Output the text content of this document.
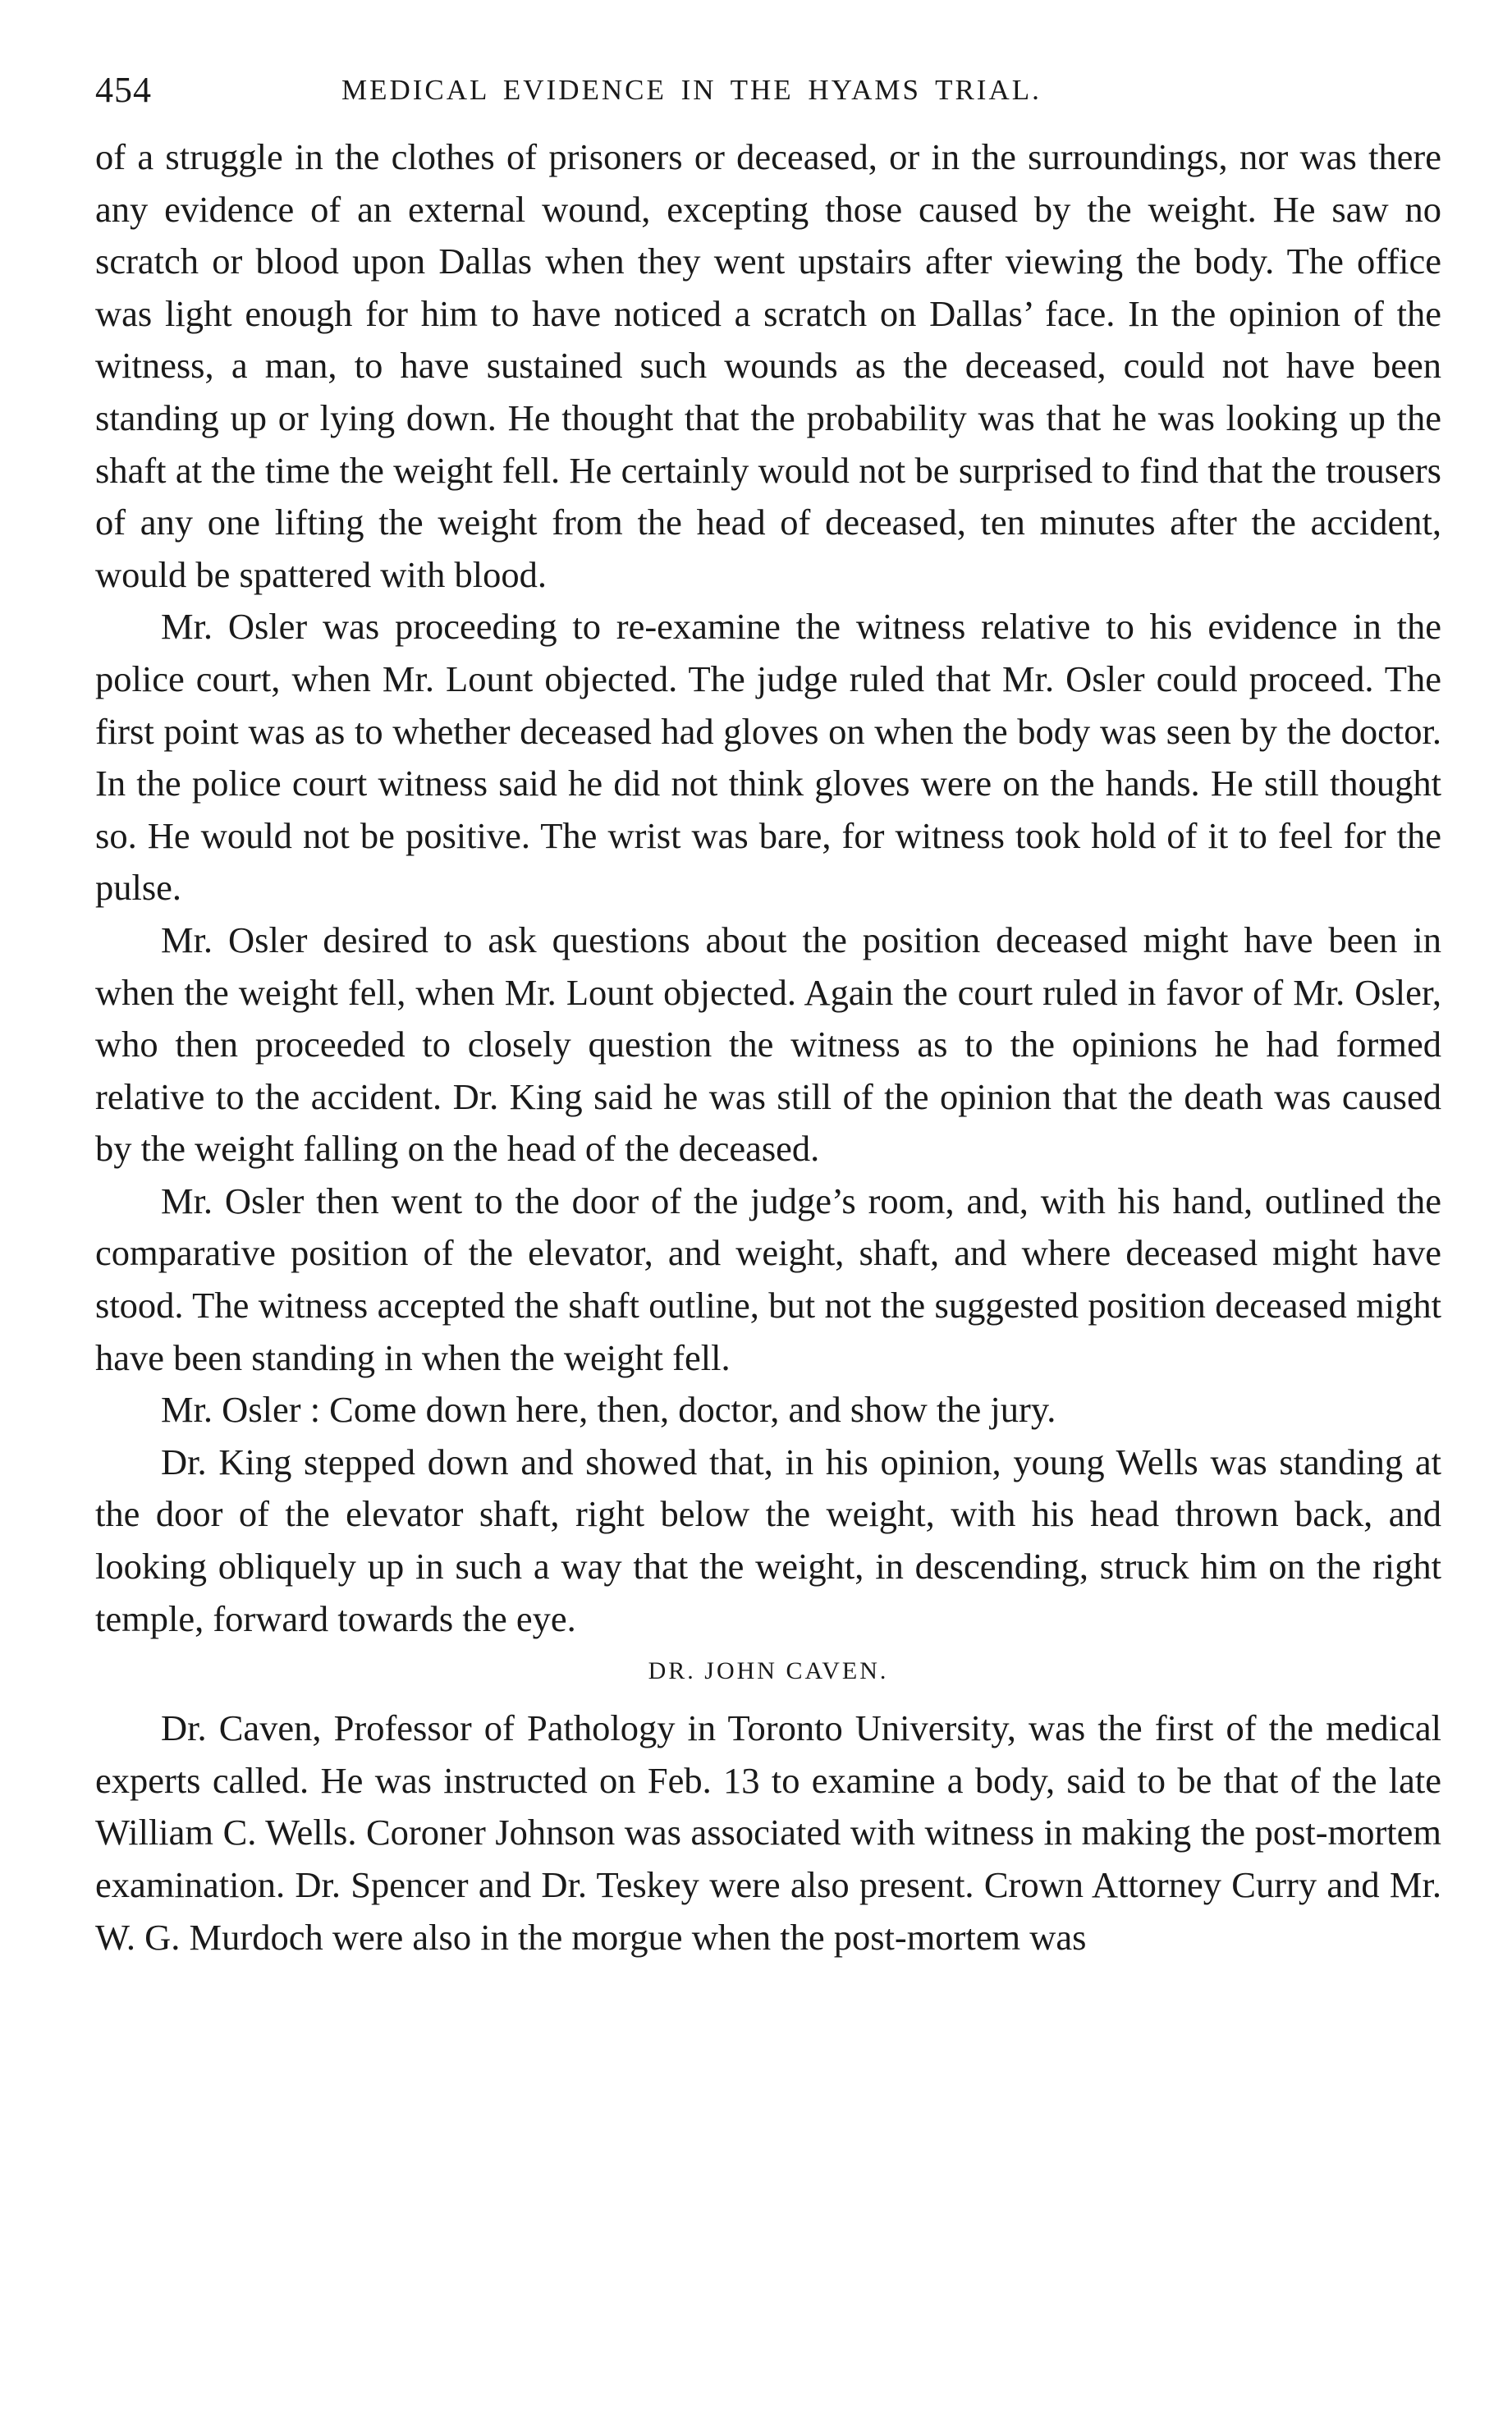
454	MEDICAL EVIDENCE IN THE HYAMS TRIAL.

of a struggle in the clothes of prisoners or deceased, or in the surroundings, nor was there any evidence of an external wound, excepting those caused by the weight. He saw no scratch or blood upon Dallas when they went upstairs after viewing the body. The office was light enough for him to have noticed a scratch on Dallas’ face. In the opinion of the witness, a man, to have sustained such wounds as the deceased, could not have been standing up or lying down. He thought that the probability was that he was looking up the shaft at the time the weight fell. He certainly would not be surprised to find that the trousers of any one lifting the weight from the head of deceased, ten minutes after the accident, would be spattered with blood.

Mr. Osler was proceeding to re-examine the witness relative to his evidence in the police court, when Mr. Lount objected. The judge ruled that Mr. Osler could proceed. The first point was as to whether deceased had gloves on when the body was seen by the doctor. In the police court witness said he did not think gloves were on the hands. He still thought so. He would not be positive. The wrist was bare, for witness took hold of it to feel for the pulse.

Mr. Osler desired to ask questions about the position deceased might have been in when the weight fell, when Mr. Lount objected. Again the court ruled in favor of Mr. Osler, who then proceeded to closely question the witness as to the opinions he had formed relative to the accident. Dr. King said he was still of the opinion that the death was caused by the weight falling on the head of the deceased.

Mr. Osler then went to the door of the judge’s room, and, with his hand, outlined the comparative position of the elevator, and weight, shaft, and where deceased might have stood. The witness accepted the shaft outline, but not the suggested position deceased might have been standing in when the weight fell.

Mr. Osler : Come down here, then, doctor, and show the jury.

Dr. King stepped down and showed that, in his opinion, young Wells was standing at the door of the elevator shaft, right below the weight, with his head thrown back, and looking obliquely up in such a way that the weight, in descending, struck him on the right temple, forward towards the eye.

DR. JOHN CAVEN.

Dr. Caven, Professor of Pathology in Toronto University, was the first of the medical experts called. He was instructed on Feb. 13 to examine a body, said to be that of the late William C. Wells. Coroner Johnson was associated with witness in making the post-mortem examination. Dr. Spencer and Dr. Teskey were also present. Crown Attorney Curry and Mr. W. G. Murdoch were also in the morgue when the post-mortem was
